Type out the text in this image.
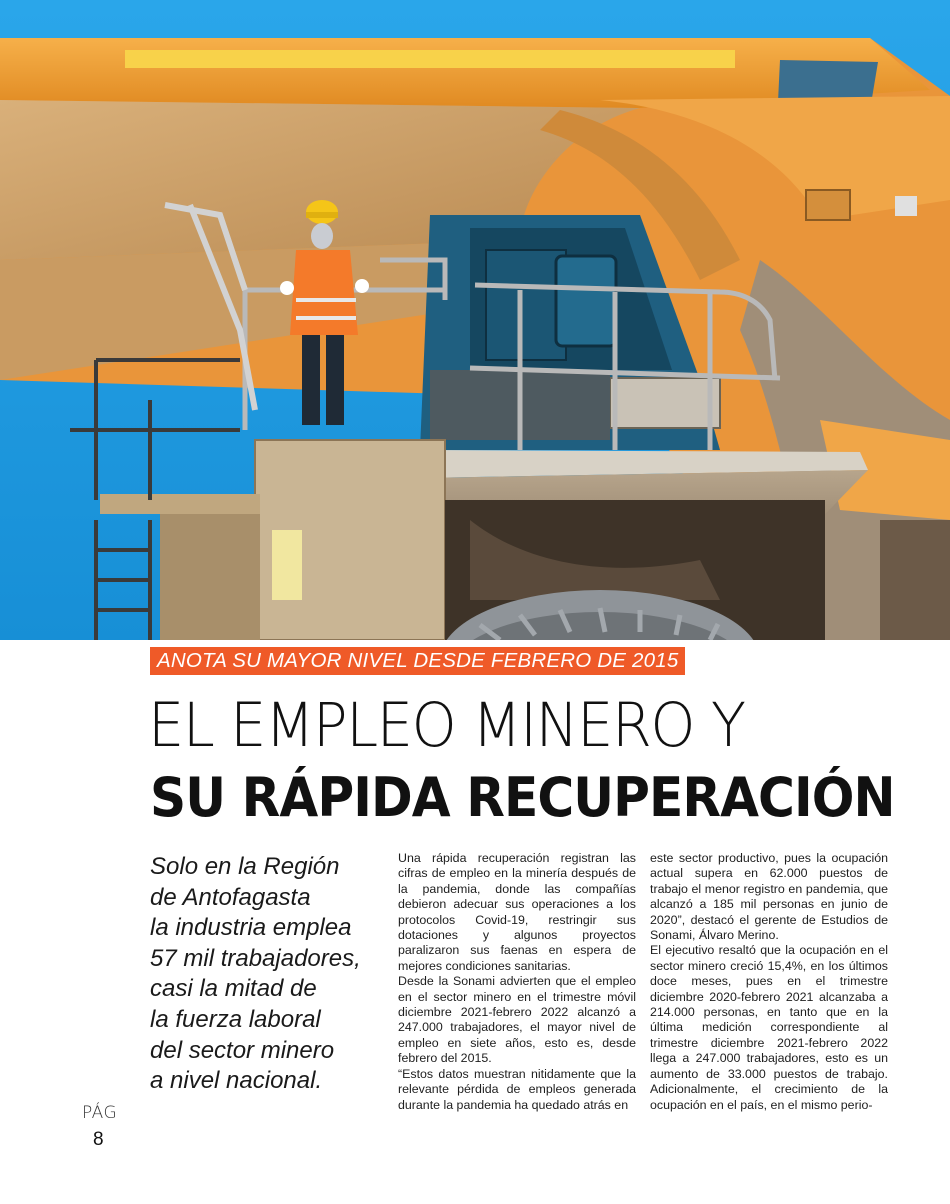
ANOTA SU MAYOR NIVEL DESDE FEBRERO DE 2015
EL EMPLEO MINERO Y
SU RÁPIDA RECUPERACIÓN

Solo en la Región
de Antofagasta
la industria emplea
57 mil trabajadores,
casi la mitad de
la fuerza laboral
del sector minero
a nivel nacional.

Una rápida recuperación registran las cifras de empleo en la minería después de la pandemia, donde las compañías debieron adecuar sus operaciones a los protocolos Covid-19, restringir sus dotaciones y algunos proyectos paralizaron sus faenas en espera de mejores condiciones sanitarias.

Desde la Sonami advierten que el empleo en el sector minero en el trimestre móvil diciembre 2021-febrero 2022 alcanzó a 247.000 trabajadores, el mayor nivel de empleo en siete años, esto es, desde febrero del 2015.

“Estos datos muestran nitidamente que la relevante pérdida de empleos generada durante la pandemia ha quedado atrás en

este sector productivo, pues la ocupación actual supera en 62.000 puestos de trabajo el menor registro en pandemia, que alcanzó a 185 mil personas en junio de 2020”, destacó el gerente de Estudios de Sonami, Álvaro Merino.

El ejecutivo resaltó que la ocupación en el sector minero creció 15,4%, en los últimos doce meses, pues en el trimestre diciembre 2020-febrero 2021 alcanzaba a 214.000 personas, en tanto que en la última medición correspondiente al trimestre diciembre 2021-febrero 2022 llega a 247.000 trabajadores, esto es un aumento de 33.000 puestos de trabajo. Adicionalmente, el crecimiento de la ocupación en el país, en el mismo perio-

PÁG
8
